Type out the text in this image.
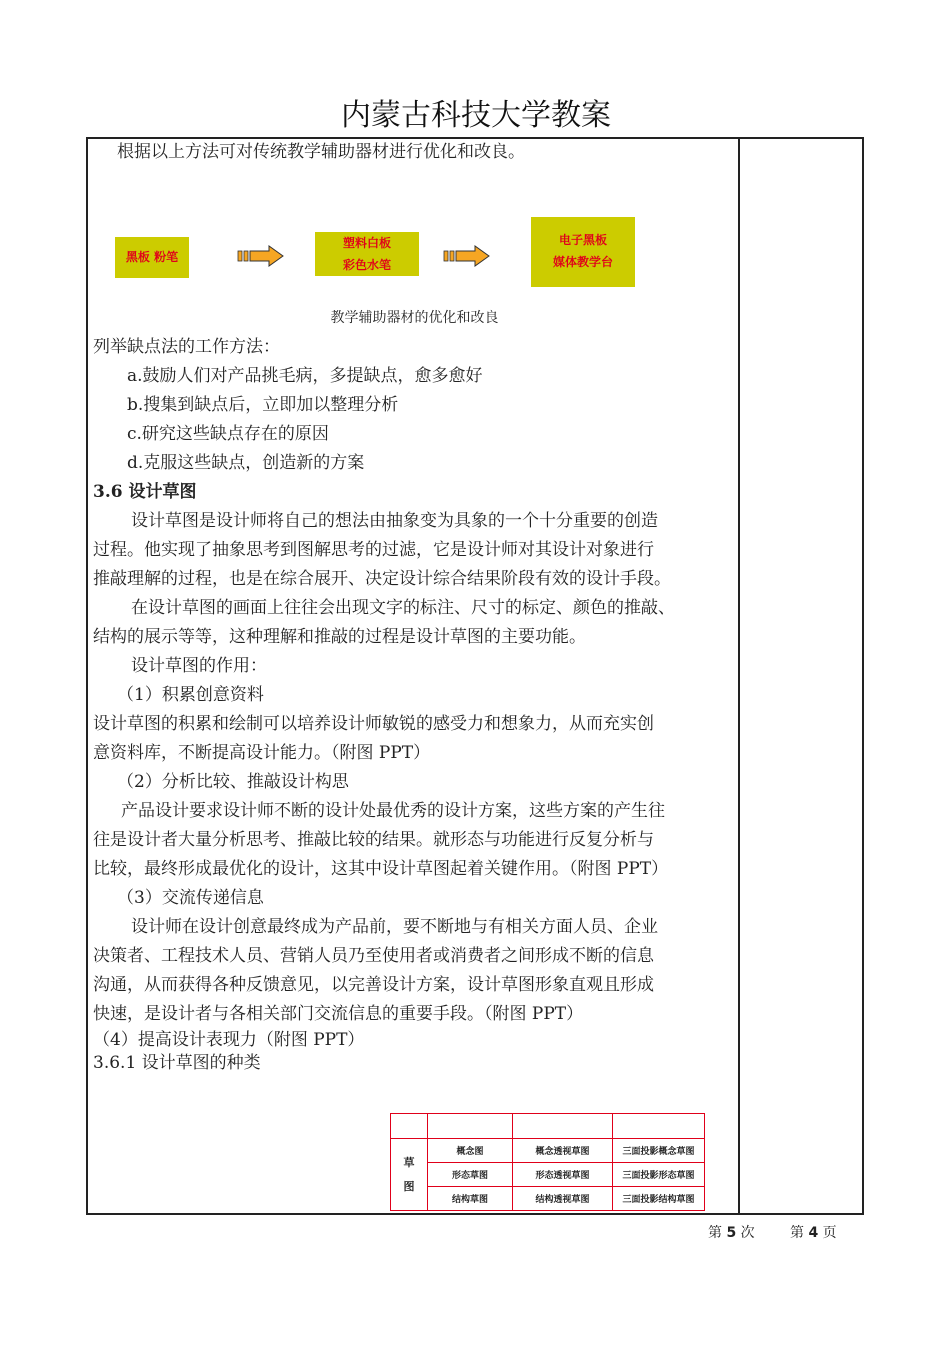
内蒙古科技大学教案
根据以上方法可对传统教学辅助器材进行优化和改良。
黑板 粉笔
塑料白板
彩色水笔
电子黑板
媒体教学台
教学辅助器材的优化和改良
列举缺点法的工作方法：
a.鼓励人们对产品挑毛病，多提缺点，愈多愈好
b.搜集到缺点后，立即加以整理分析
c.研究这些缺点存在的原因
d.克服这些缺点，创造新的方案
3.6 设计草图
设计草图是设计师将自己的想法由抽象变为具象的一个十分重要的创造
过程。他实现了抽象思考到图解思考的过滤，它是设计师对其设计对象进行
推敲理解的过程，也是在综合展开、决定设计综合结果阶段有效的设计手段。
在设计草图的画面上往往会出现文字的标注、尺寸的标定、颜色的推敲、
结构的展示等等，这种理解和推敲的过程是设计草图的主要功能。
设计草图的作用：
（1）积累创意资料
设计草图的积累和绘制可以培养设计师敏锐的感受力和想象力，从而充实创
意资料库，不断提高设计能力。（附图 PPT）
（2）分析比较、推敲设计构思
产品设计要求设计师不断的设计处最优秀的设计方案，这些方案的产生往
往是设计者大量分析思考、推敲比较的结果。就形态与功能进行反复分析与
比较，最终形成最优化的设计，这其中设计草图起着关键作用。（附图 PPT）
（3）交流传递信息
设计师在设计创意最终成为产品前，要不断地与有相关方面人员、企业
决策者、工程技术人员、营销人员乃至使用者或消费者之间形成不断的信息
沟通，从而获得各种反馈意见，以完善设计方案，设计草图形象直观且形成
快速，是设计者与各相关部门交流信息的重要手段。（附图 PPT）
（4）提高设计表现力（附图 PPT）
3.6.1 设计草图的种类

草
图	概念图	概念透视草图	三面投影概念草图
	形态草图	形态透视草图	三面投影形态草图
	结构草图	结构透视草图	三面投影结构草图
第 5 次	第 4 页
